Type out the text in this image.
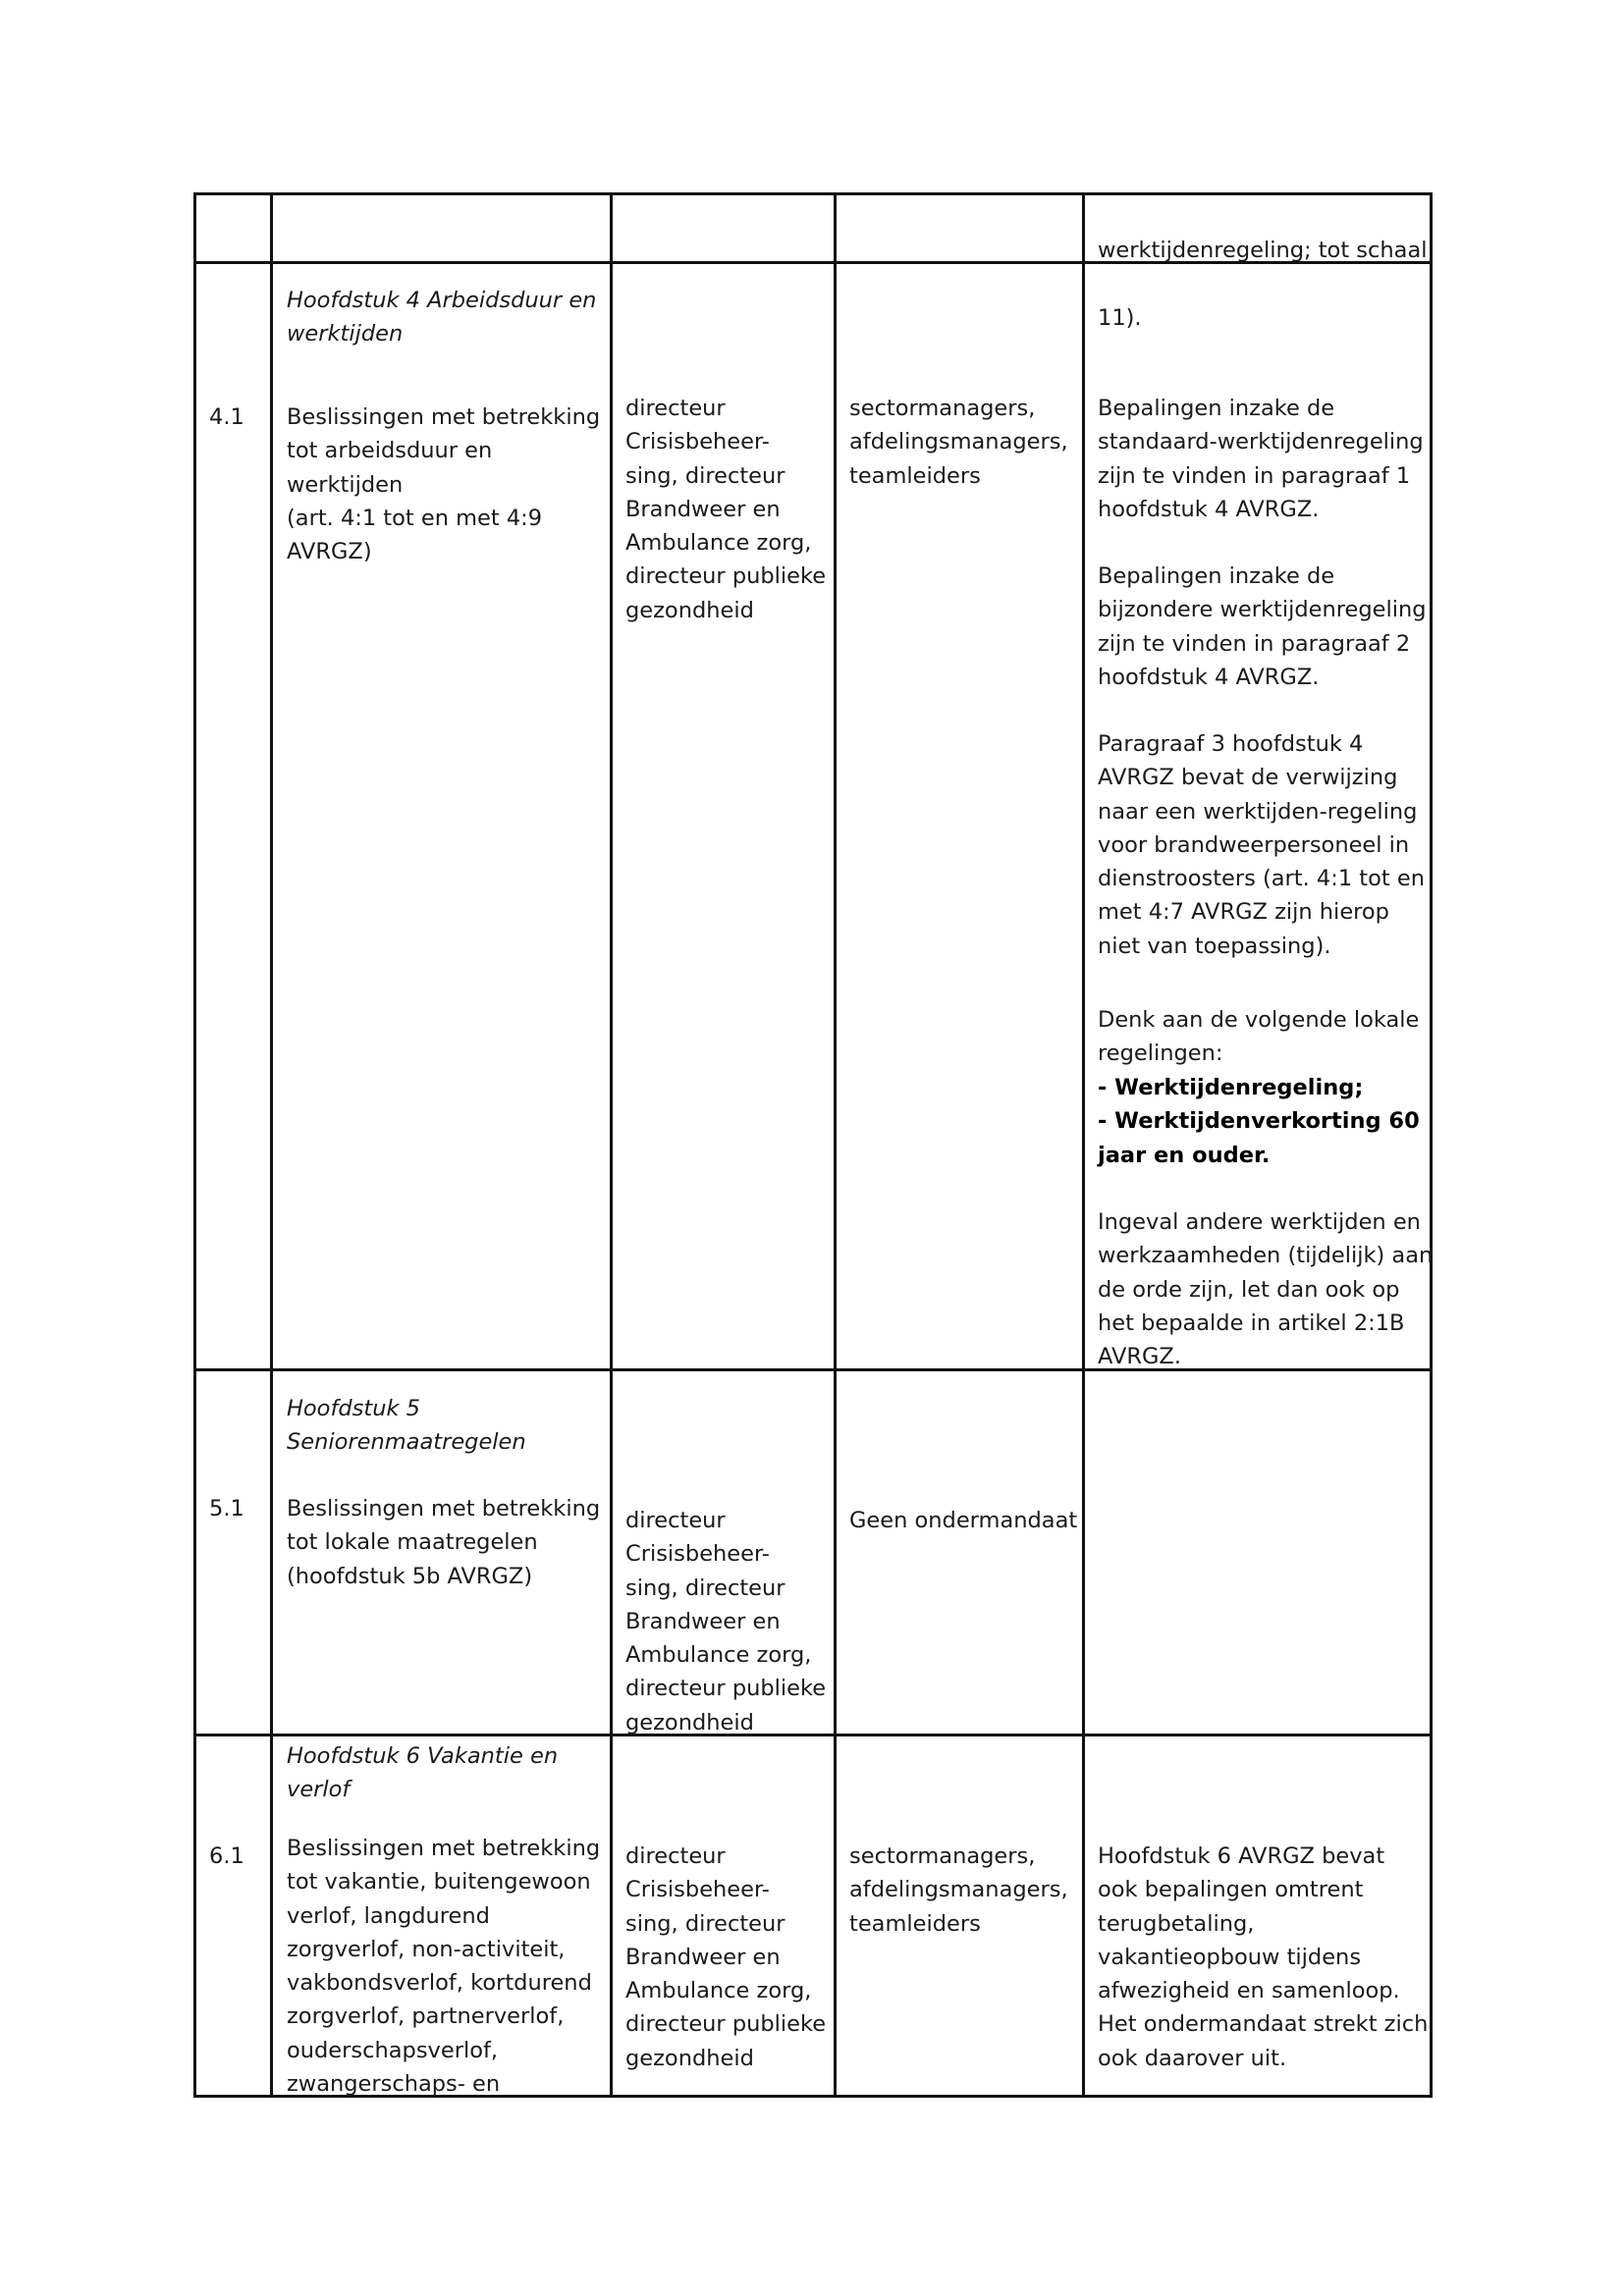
werktijdenregeling; tot schaal

11).

Hoofdstuk 4 Arbeidsduur en
werktijden
4.1 Beslissingen met betrekking
tot arbeidsduur en
werktijden
(art. 4:1 tot en met 4:9
AVRGZ)
directeur
Crisisbeheer-
sing, directeur
Brandweer en
Ambulance zorg,
directeur publieke
gezondheid
sectormanagers,
afdelingsmanagers,
teamleiders
Bepalingen inzake de
standaard-werktijdenregeling
zijn te vinden in paragraaf 1
hoofdstuk 4 AVRGZ.
Bepalingen inzake de
bijzondere werktijdenregeling
zijn te vinden in paragraaf 2
hoofdstuk 4 AVRGZ.
Paragraaf 3 hoofdstuk 4
AVRGZ bevat de verwijzing
naar een werktijden-regeling
voor brandweerpersoneel in
dienstroosters (art. 4:1 tot en
met 4:7 AVRGZ zijn hierop
niet van toepassing).
Denk aan de volgende lokale
regelingen:
- Werktijdenregeling;
- Werktijdenverkorting 60
jaar en ouder.
Ingeval andere werktijden en
werkzaamheden (tijdelijk) aan
de orde zijn, let dan ook op
het bepaalde in artikel 2:1B
AVRGZ.
Hoofdstuk 5
Seniorenmaatregelen
5.1 Beslissingen met betrekking
tot lokale maatregelen
(hoofdstuk 5b AVRGZ)
directeur
Crisisbeheer-
sing, directeur
Brandweer en
Ambulance zorg,
directeur publieke
gezondheid
Geen ondermandaat
Hoofdstuk 6 Vakantie en
verlof
6.1 Beslissingen met betrekking
tot vakantie, buitengewoon
verlof, langdurend
zorgverlof, non-activiteit,
vakbondsverlof, kortdurend
zorgverlof, partnerverlof,
ouderschapsverlof,
zwangerschaps- en
directeur
Crisisbeheer-
sing, directeur
Brandweer en
Ambulance zorg,
directeur publieke
gezondheid
sectormanagers,
afdelingsmanagers,
teamleiders
Hoofdstuk 6 AVRGZ bevat
ook bepalingen omtrent
terugbetaling,
vakantieopbouw tijdens
afwezigheid en samenloop.
Het ondermandaat strekt zich
ook daarover uit.
